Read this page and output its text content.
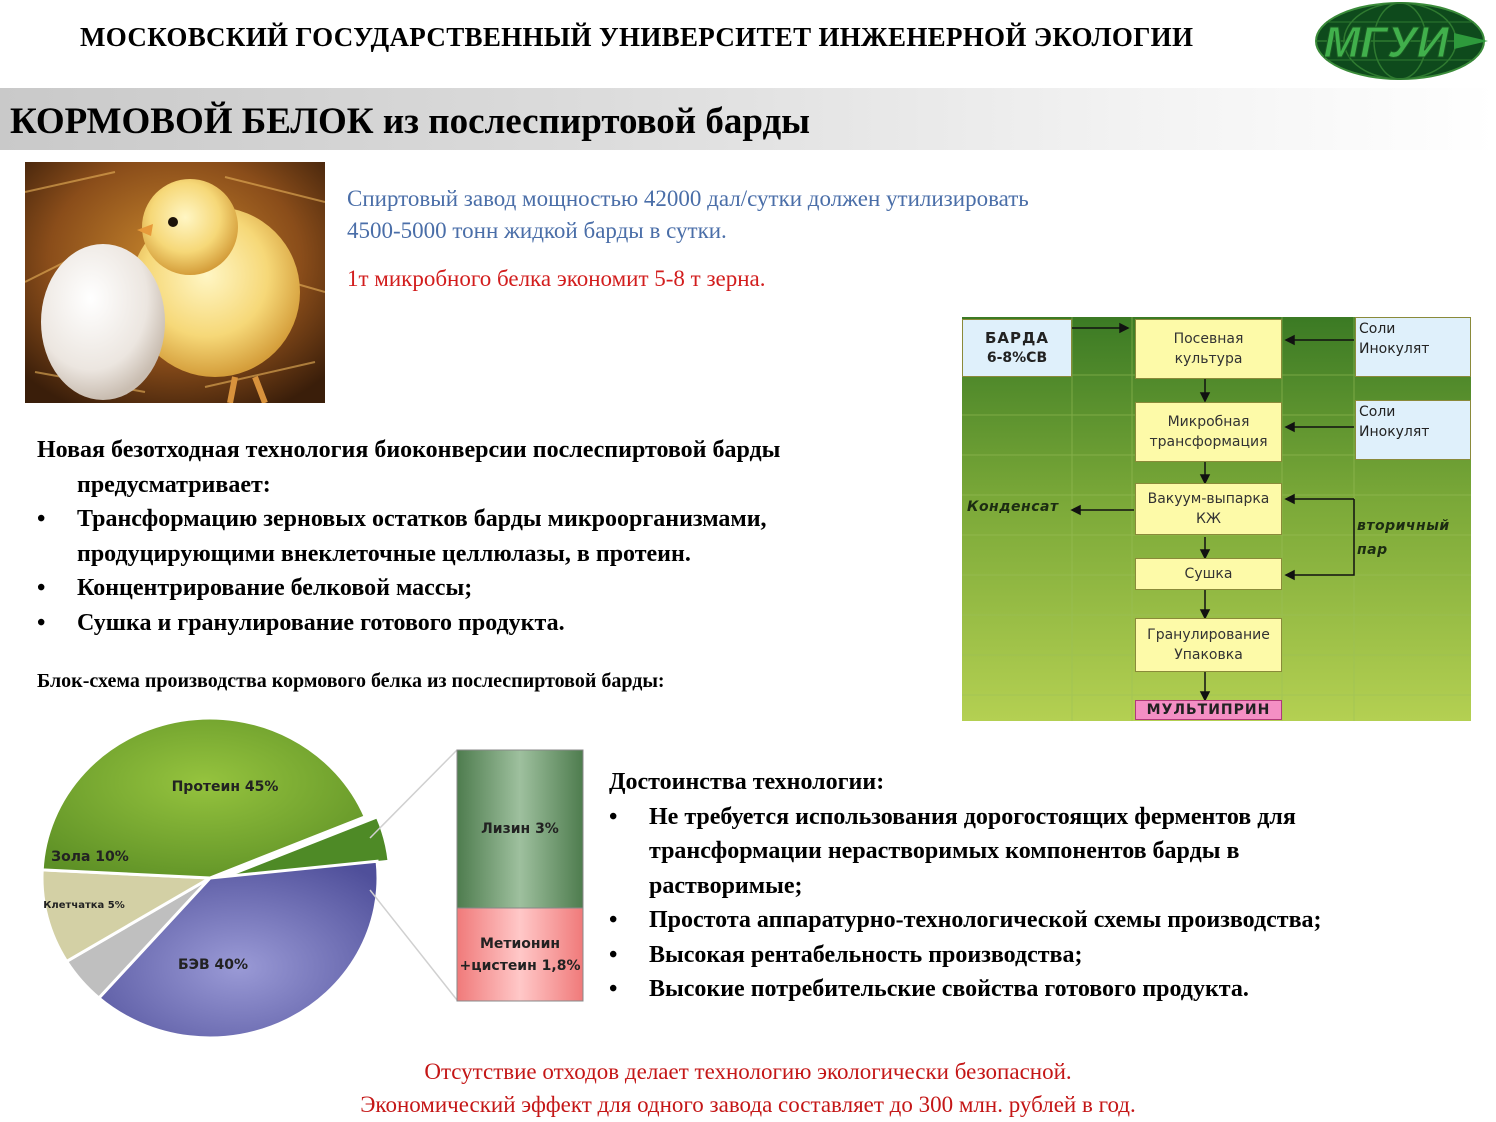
МОСКОВСКИЙ ГОСУДАРСТВЕННЫЙ УНИВЕРСИТЕТ ИНЖЕНЕРНОЙ ЭКОЛОГИИ	МГУИ
КОРМОВОЙ БЕЛОК из послеспиртовой барды
Спиртовый завод мощностью 42000 дал/сутки должен утилизировать
4500-5000 тонн жидкой барды в сутки.
1т микробного белка экономит 5-8 т зерна.
Новая безотходная технология биоконверсии послеспиртовой барды предусматривает:
• Трансформацию зерновых остатков барды микроорганизмами, продуцирующими внеклеточные целлюлазы, в протеин.
• Концентрирование белковой массы;
• Сушка и гранулирование готового продукта.
Блок-схема производства кормового белка из послеспиртовой барды:
БАРДА
6-8%СВ
Посевная
культура
Соли
Инокулят
Микробная
трансформация
Соли
Инокулят
Конденсат	Вакуум-выпарка
КЖ	вторичный
пар
Сушка
Гранулирование
Упаковка
МУЛЬТИПРИН
Протеин 45%
Зола 10%
Клетчатка 5%
БЭВ 40%
Лизин 3%
Метионин
+цистеин 1,8%
Достоинства технологии:
• Не требуется использования дорогостоящих ферментов для
трансформации нерастворимых компонентов барды в
растворимые;
• Простота аппаратурно-технологической схемы производства;
• Высокая рентабельность производства;
• Высокие потребительские свойства готового продукта.
Отсутствие отходов делает технологию экологически безопасной.
Экономический эффект для одного завода составляет до 300 млн. рублей в год.
